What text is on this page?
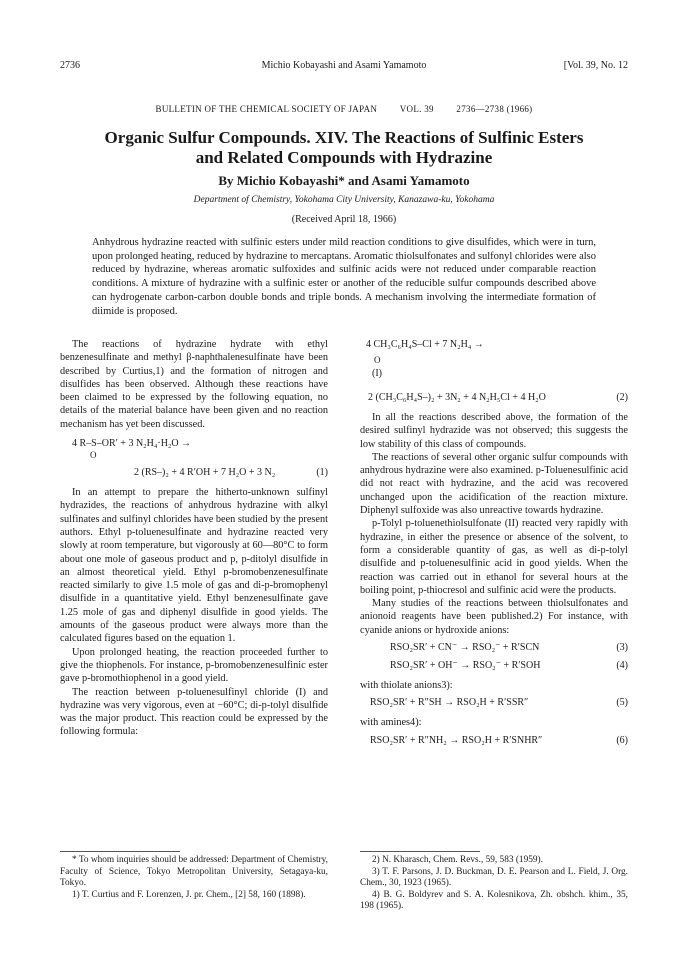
2736	Michio Kobayashi and Asami Yamamoto	[Vol. 39, No. 12
BULLETIN OF THE CHEMICAL SOCIETY OF JAPAN	VOL. 39	2736—2738 (1966)
Organic Sulfur Compounds. XIV. The Reactions of Sulfinic Esters
and Related Compounds with Hydrazine
By Michio Kobayashi* and Asami Yamamoto
Department of Chemistry, Yokohama City University, Kanazawa-ku, Yokohama
(Received April 18, 1966)
Anhydrous hydrazine reacted with sulfinic esters under mild reaction conditions to give disulfides, which were in turn, upon prolonged heating, reduced by hydrazine to mercaptans. Aromatic thiolsulfonates and sulfonyl chlorides were also reduced by hydrazine, whereas aromatic sulfoxides and sulfinic acids were not reduced under comparable reaction conditions. A mixture of hydrazine with a sulfinic ester or another of the reducible sulfur compounds described above can hydrogenate carbon-carbon double bonds and triple bonds. A mechanism involving the intermediate formation of diimide is proposed.

The reactions of hydrazine hydrate with ethyl benzenesulfinate and methyl β-naphthalenesulfinate have been described by Curtius,1) and the formation of nitrogen and disulfides has been observed. Although these reactions have been claimed to be expressed by the following equation, no details of the material balance have been given and no reaction mechanism has yet been discussed.

4 R–S–OR′ + 3 N₂H₄·H₂O →
O
2 (RS–)₂ + 4 R′OH + 7 H₂O + 3 N₂	(1)

In an attempt to prepare the hitherto-unknown sulfinyl hydrazides, the reactions of anhydrous hydrazine with alkyl sulfinates and sulfinyl chlorides have been studied by the present authors. Ethyl p-toluenesulfinate and hydrazine reacted very slowly at room temperature, but vigorously at 60—80°C to form about one mole of gaseous product and p, p-ditolyl disulfide in an almost theoretical yield. Ethyl p-bromobenzenesulfinate reacted similarly to give 1.5 mole of gas and di-p-bromophenyl disulfide in a quantitative yield. Ethyl benzenesulfinate gave 1.25 mole of gas and diphenyl disulfide in good yields. The amounts of the gaseous product were always more than the calculated figures based on the equation 1.

Upon prolonged heating, the reaction proceeded further to give the thiophenols. For instance, p-bromobenzenesulfinic ester gave p-bromothiophenol in a good yield.

The reaction between p-toluenesulfinyl chloride (I) and hydrazine was very vigorous, even at −60°C; di-p-tolyl disulfide was the major product. This reaction could be expressed by the following formula:

* To whom inquiries should be addressed: Department of Chemistry, Faculty of Science, Tokyo Metropolitan University, Setagaya-ku, Tokyo.

1) T. Curtius and F. Lorenzen, J. pr. Chem., [2] 58, 160 (1898).

4 CH₃C₆H₄S–Cl + 7 N₂H₄ →
O
(I)
2 (CH₃C₆H₄S–)₂ + 3N₂ + 4 N₂H₅Cl + 4 H₂O	(2)

In all the reactions described above, the formation of the desired sulfinyl hydrazide was not observed; this suggests the low stability of this class of compounds.

The reactions of several other organic sulfur compounds with anhydrous hydrazine were also examined. p-Toluenesulfinic acid did not react with hydrazine, and the acid was recovered unchanged upon the acidification of the reaction mixture. Diphenyl sulfoxide was also unreactive towards hydrazine.

p-Tolyl p-toluenethiolsulfonate (II) reacted very rapidly with hydrazine, in either the presence or absence of the solvent, to form a considerable quantity of gas, as well as di-p-tolyl disulfide and p-toluenesulfinic acid in good yields. When the reaction was carried out in ethanol for several hours at the boiling point, p-thiocresol and sulfinic acid were the products.

Many studies of the reactions between thiolsulfonates and anionoid reagents have been published.2) For instance, with cyanide anions or hydroxide anions:

RSO₂SR′ + CN⁻ → RSO₂⁻ + R′SCN	(3)
RSO₂SR′ + OH⁻ → RSO₂⁻ + R′SOH	(4)

with thiolate anions3):

RSO₂SR′ + R″SH → RSO₂H + R′SSR″	(5)

with amines4):

RSO₂SR′ + R″NH₂ → RSO₂H + R′SNHR″	(6)

2) N. Kharasch, Chem. Revs., 59, 583 (1959).

3) T. F. Parsons, J. D. Buckman, D. E. Pearson and L. Field, J. Org. Chem., 30, 1923 (1965).

4) B. G. Boldyrev and S. A. Kolesnikova, Zh. obshch. khim., 35, 198 (1965).
